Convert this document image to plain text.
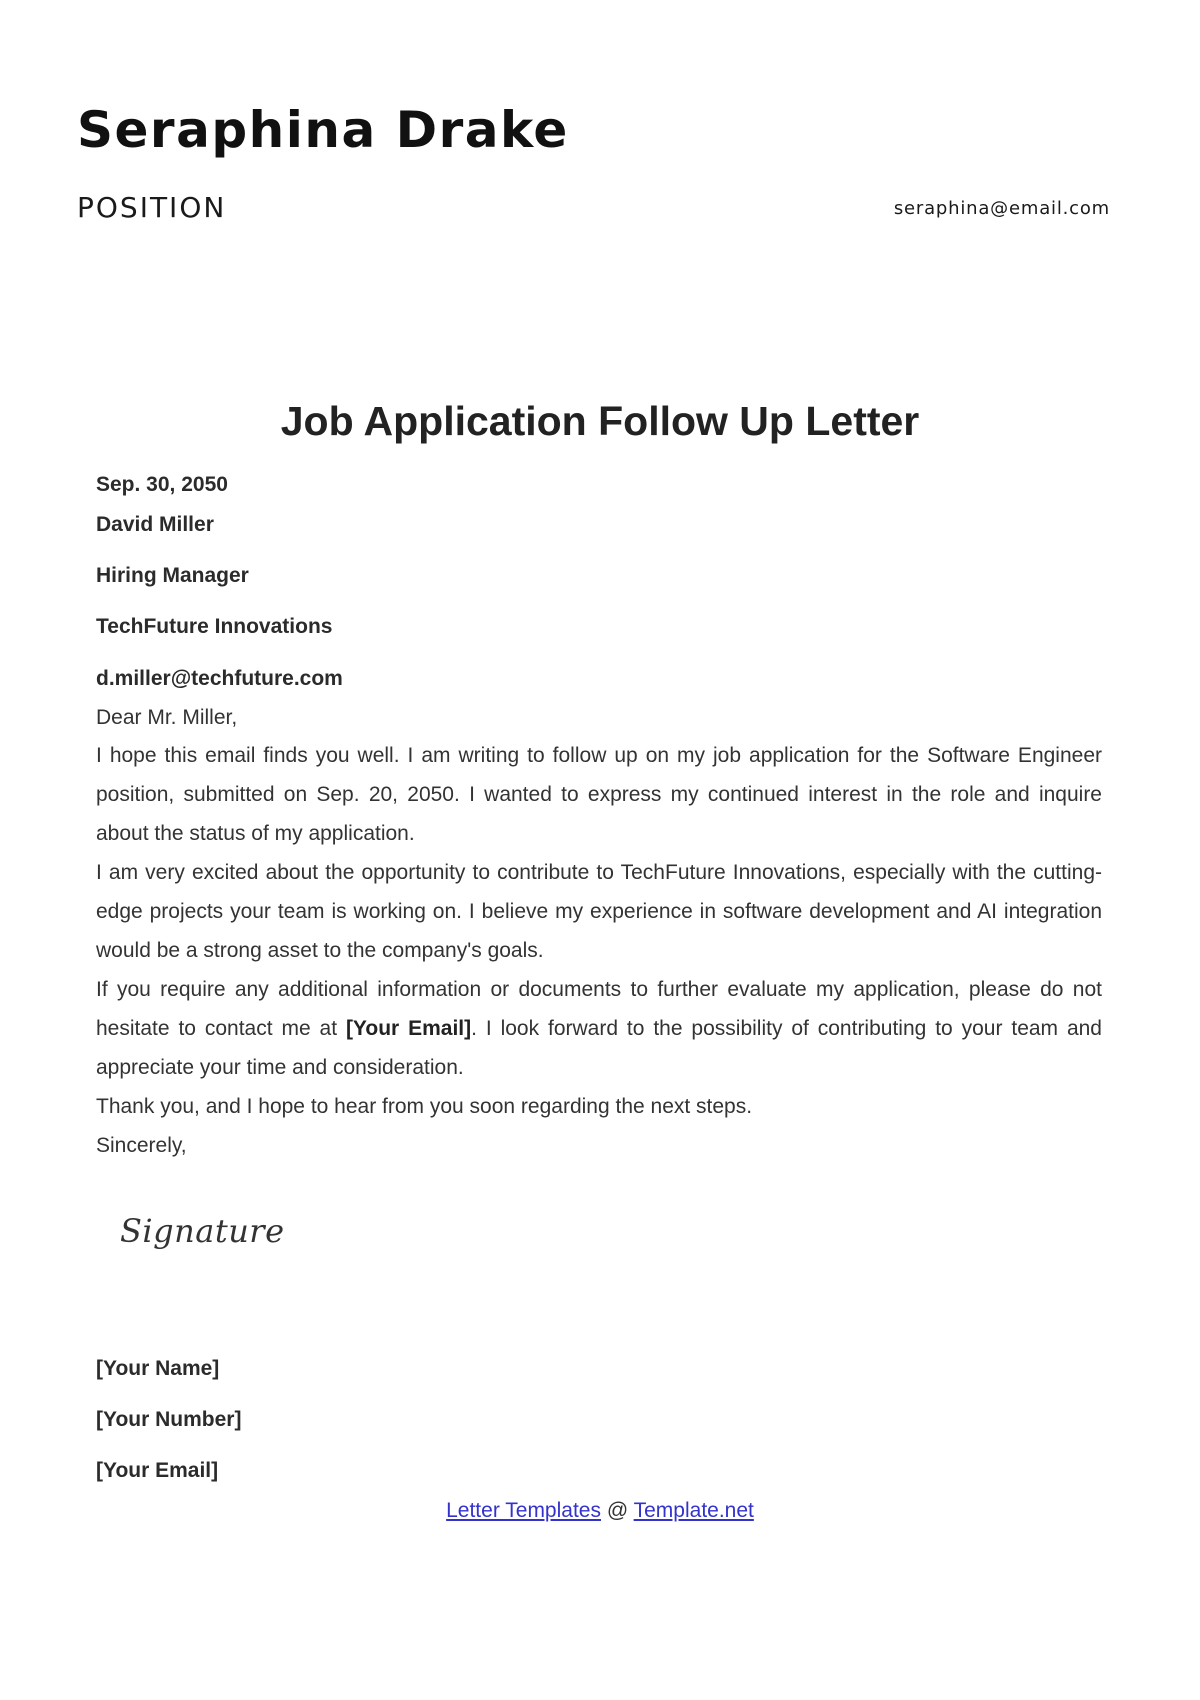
Seraphina Drake
POSITION	seraphina@email.com
Job Application Follow Up Letter

Sep. 30, 2050

David Miller

Hiring Manager

TechFuture Innovations

d.miller@techfuture.com

Dear Mr. Miller,

I hope this email finds you well. I am writing to follow up on my job application for the Software Engineer position, submitted on Sep. 20, 2050. I wanted to express my continued interest in the role and inquire about the status of my application.

I am very excited about the opportunity to contribute to TechFuture Innovations, especially with the cutting-edge projects your team is working on. I believe my experience in software development and AI integration would be a strong asset to the company's goals.

If you require any additional information or documents to further evaluate my application, please do not hesitate to contact me at [Your Email]. I look forward to the possibility of contributing to your team and appreciate your time and consideration.

Thank you, and I hope to hear from you soon regarding the next steps.

Sincerely,

Signature

[Your Name]

[Your Number]

[Your Email]

Letter Templates @ Template.net
